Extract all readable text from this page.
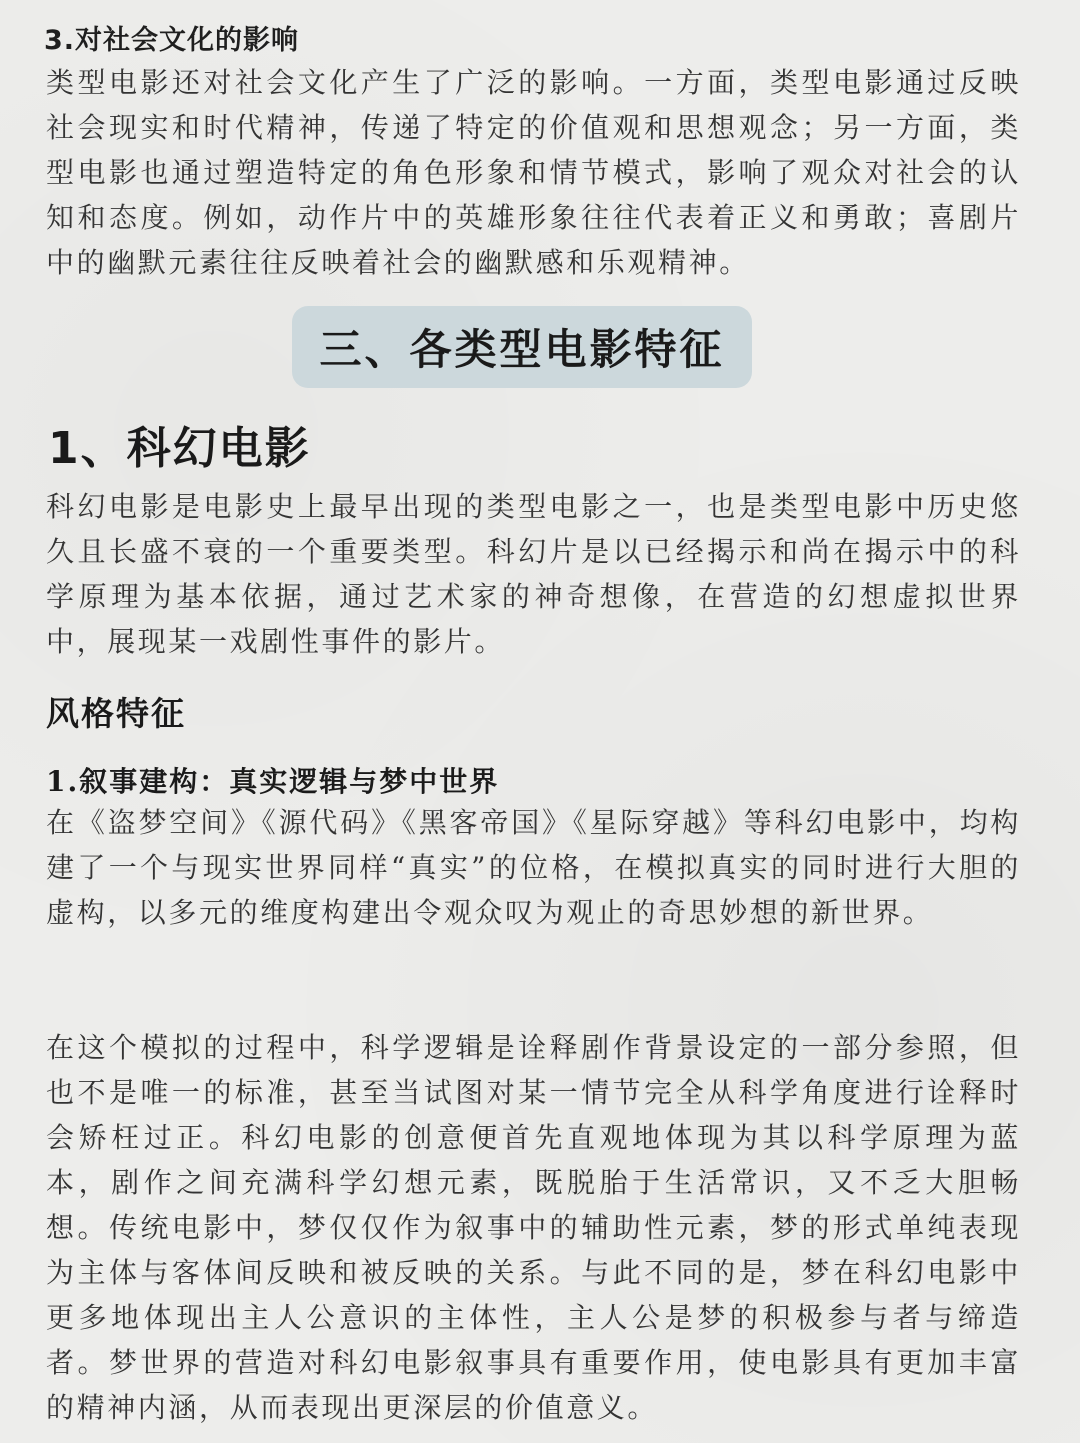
3.对社会文化的影响

类型电影还对社会文化产生了广泛的影响。一方面，类型电影通过反映社会现实和时代精神，传递了特定的价值观和思想观念；另一方面，类型电影也通过塑造特定的角色形象和情节模式，影响了观众对社会的认知和态度。例如，动作片中的英雄形象往往代表着正义和勇敢；喜剧片中的幽默元素往往反映着社会的幽默感和乐观精神。

三、各类型电影特征
1、科幻电影

科幻电影是电影史上最早出现的类型电影之一，也是类型电影中历史悠久且长盛不衰的一个重要类型。科幻片是以已经揭示和尚在揭示中的科学原理为基本依据，通过艺术家的神奇想像，在营造的幻想虚拟世界中，展现某一戏剧性事件的影片。

风格特征
1.叙事建构：真实逻辑与梦中世界

在《盗梦空间》《源代码》《黑客帝国》《星际穿越》等科幻电影中，均构建了一个与现实世界同样“真实”的位格，在模拟真实的同时进行大胆的虚构，以多元的维度构建出令观众叹为观止的奇思妙想的新世界。

在这个模拟的过程中，科学逻辑是诠释剧作背景设定的一部分参照，但也不是唯一的标准，甚至当试图对某一情节完全从科学角度进行诠释时会矫枉过正。科幻电影的创意便首先直观地体现为其以科学原理为蓝本，剧作之间充满科学幻想元素，既脱胎于生活常识，又不乏大胆畅想。传统电影中，梦仅仅作为叙事中的辅助性元素，梦的形式单纯表现为主体与客体间反映和被反映的关系。与此不同的是，梦在科幻电影中更多地体现出主人公意识的主体性，主人公是梦的积极参与者与缔造者。梦世界的营造对科幻电影叙事具有重要作用，使电影具有更加丰富的精神内涵，从而表现出更深层的价值意义。
